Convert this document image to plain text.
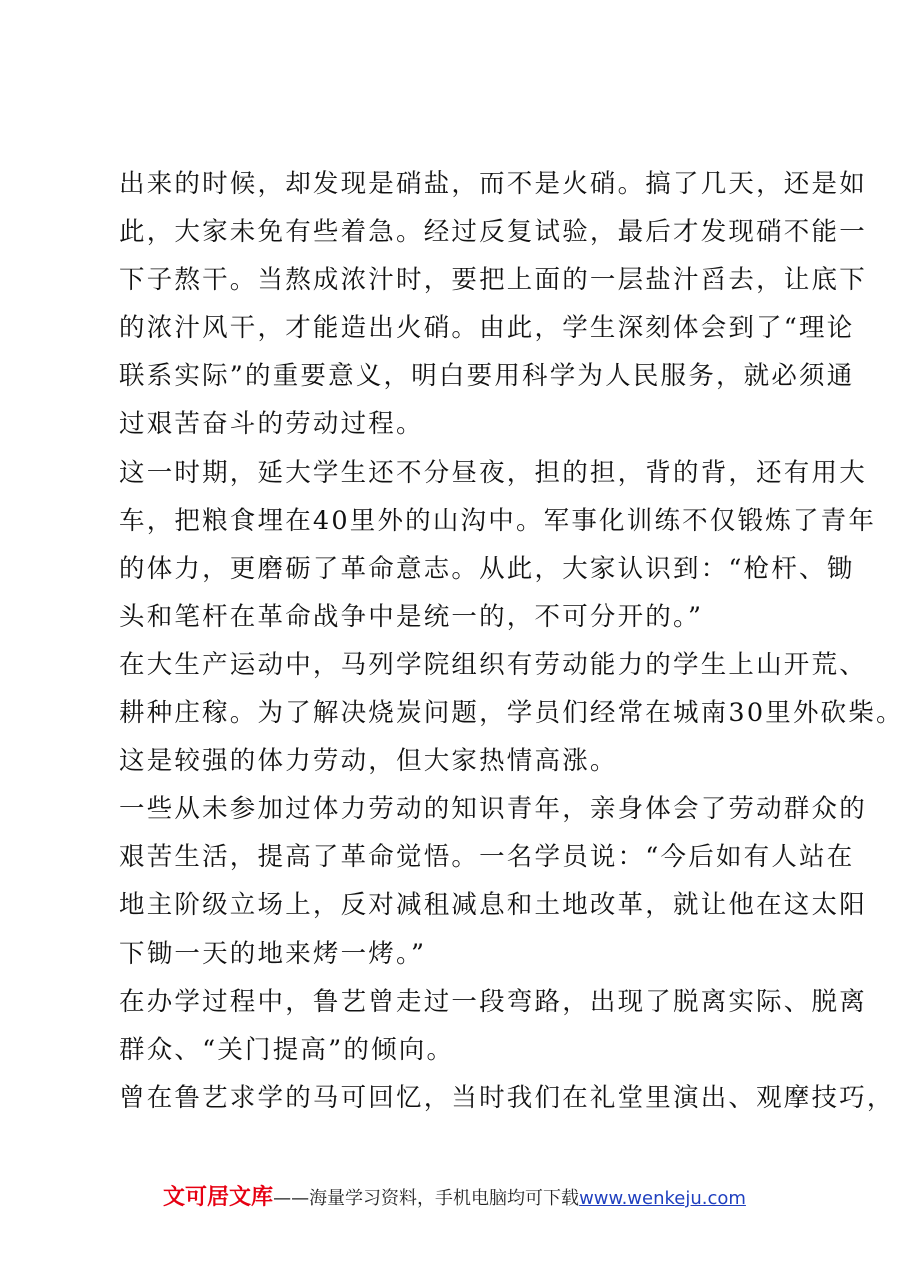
出来的时候，却发现是硝盐，而不是火硝。搞了几天，还是如
此，大家未免有些着急。经过反复试验，最后才发现硝不能一
下子熬干。当熬成浓汁时，要把上面的一层盐汁舀去，让底下
的浓汁风干，才能造出火硝。由此，学生深刻体会到了“理论
联系实际”的重要意义，明白要用科学为人民服务，就必须通
过艰苦奋斗的劳动过程。
这一时期，延大学生还不分昼夜，担的担，背的背，还有用大
车，把粮食埋在40里外的山沟中。军事化训练不仅锻炼了青年
的体力，更磨砺了革命意志。从此，大家认识到：“枪杆、锄
头和笔杆在革命战争中是统一的，不可分开的。”
在大生产运动中，马列学院组织有劳动能力的学生上山开荒、
耕种庄稼。为了解决烧炭问题，学员们经常在城南30里外砍柴。
这是较强的体力劳动，但大家热情高涨。
一些从未参加过体力劳动的知识青年，亲身体会了劳动群众的
艰苦生活，提高了革命觉悟。一名学员说：“今后如有人站在
地主阶级立场上，反对减租减息和土地改革，就让他在这太阳
下锄一天的地来烤一烤。”
在办学过程中，鲁艺曾走过一段弯路，出现了脱离实际、脱离
群众、“关门提高”的倾向。
曾在鲁艺求学的马可回忆，当时我们在礼堂里演出、观摩技巧，
文可居文库——海量学习资料，手机电脑均可下载www.wenkeju.com
